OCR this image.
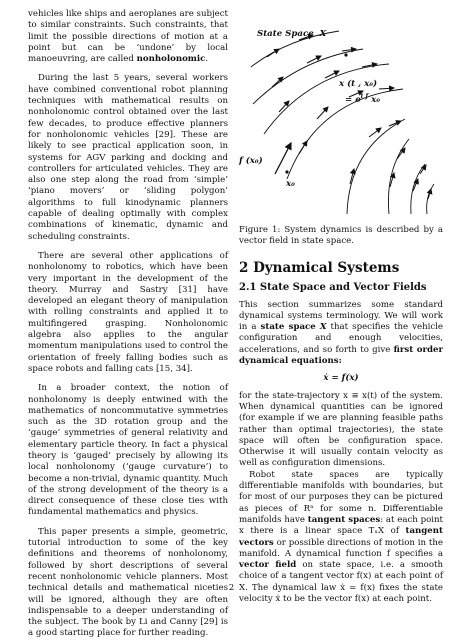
vehicles like ships and aeroplanes are subject to similar constraints. Such constraints, that limit the possible directions of motion at a point but can be ‘undone’ by local manoeuvring, are called nonholonomic.

During the last 5 years, several workers have combined conventional robot planning techniques with mathematical results on nonholonomic control obtained over the last few decades, to produce effective planners for nonholonomic vehicles [29]. These are likely to see practical application soon, in systems for AGV parking and docking and controllers for articulated vehicles. They are also one step along the road from ‘simple’ ‘piano movers’ or ‘sliding polygon’ algorithms to full kinodynamic planners capable of dealing optimally with complex combinations of kinematic, dynamic and scheduling constraints.

There are several other applications of nonholonomy to robotics, which have been very important in the development of the theory. Murray and Sastry [31] have developed an elegant theory of manipulation with rolling constraints and applied it to multifingered grasping. Nonholonomic algebra also applies to the angular momentum manipulations used to control the orientation of freely falling bodies such as space robots and falling cats [15, 34].

In a broader context, the notion of nonholonomy is deeply entwined with the mathematics of noncommutative symmetries such as the 3D rotation group and the ‘gauge’ symmetries of general relativity and elementary particle theory. In fact a physical theory is ‘gauged’ precisely by allowing its local nonholonomy (‘gauge curvature’) to become a non-trivial, dynamic quantity. Much of the strong development of the theory is a direct consequence of these close ties with fundamental mathematics and physics.

This paper presents a simple, geometric, tutorial introduction to some of the key definitions and theorems of nonholonomy, followed by short descriptions of several recent nonholonomic vehicle planners. Most technical details and mathematical niceties will be ignored, although they are often indispensable to a deeper understanding of the subject. The book by Li and Canny [29] is a good starting place for further reading.

State Space X
x (t , x₀)
= $e^{t f}$ x₀
f (x₀)
x₀

Figure 1: System dynamics is described by a vector field in state space.

2 Dynamical Systems
2.1 State Space and Vector Fields

This section summarizes some standard dynamical systems terminology. We will work in a state space X that specifies the vehicle configuration and enough velocities, accelerations, and so forth to give first order dynamical equations:

ẋ = f(x)

for the state-trajectory x ≡ x(t) of the system. When dynamical quantities can be ignored (for example if we are planning feasible paths rather than optimal trajectories), the state space will often be configuration space. Otherwise it will usually contain velocity as well as configuration dimensions.

Robot state spaces are typically differentiable manifolds with boundaries, but for most of our purposes they can be pictured as pieces of Rⁿ for some n. Differentiable manifolds have tangent spaces: at each point x there is a linear space TₓX of tangent vectors or possible directions of motion in the manifold. A dynamical function f specifies a vector field on state space, i.e. a smooth choice of a tangent vector f(x) at each point of X. The dynamical law ẋ = f(x) fixes the state velocity ẋ to be the vector f(x) at each point.

2
